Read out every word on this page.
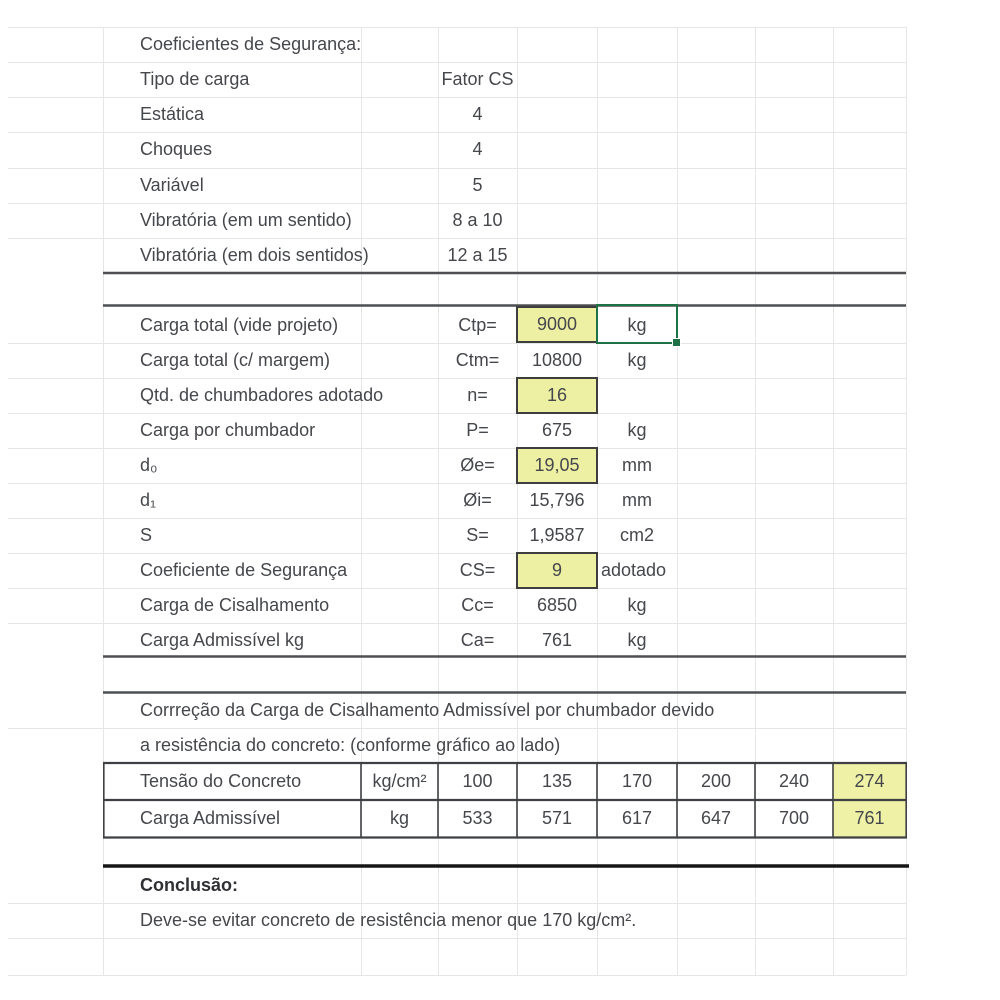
Coeficientes de Segurança:
Tipo de carga	Fator CS
Estática	4
Choques	4
Variável	5
Vibratória (em um sentido)	8 a 10
Vibratória (em dois sentidos)	12 a 15
Carga total (vide projeto)	Ctp=	9000	kg
Carga total (c/ margem)	Ctm=	10800	kg
Qtd. de chumbadores adotado	n=	16
Carga por chumbador	P=	675	kg
d₀	Øe=	19,05	mm
d₁	Øi=	15,796	mm
S	S=	1,9587	cm2
Coeficiente de Segurança	CS=	9	adotado
Carga de Cisalhamento	Cc=	6850	kg
Carga Admissível kg	Ca=	761	kg
Corrreção da Carga de Cisalhamento Admissível por chumbador devido
a resistência do concreto: (conforme gráfico ao lado)
Tensão do Concreto	kg/cm²	100	135	170	200	240	274
Carga Admissível	kg	533	571	617	647	700	761
Conclusão:
Deve-se evitar concreto de resistência menor que 170 kg/cm².
